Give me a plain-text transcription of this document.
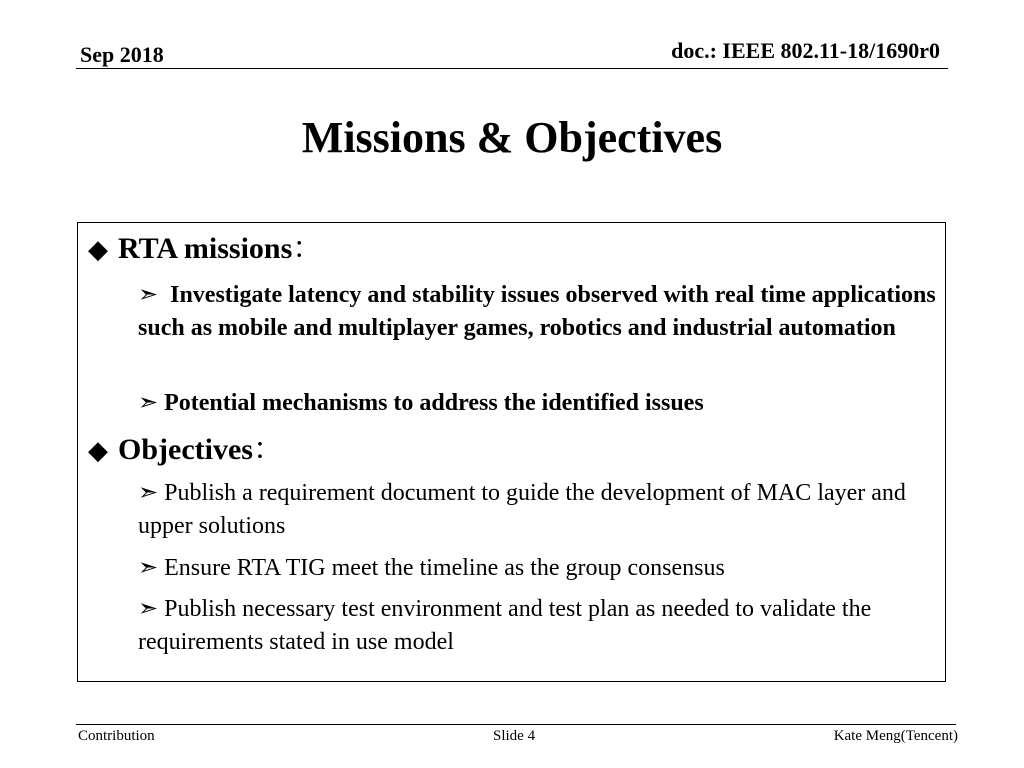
Sep 2018	doc.: IEEE 802.11-18/1690r0
Missions & Objectives
◆ RTA missions：
➣  Investigate latency and stability issues observed with real time applications such as mobile and multiplayer games, robotics and industrial automation
➣ Potential mechanisms to address the identified issues
◆ Objectives：
➣ Publish a requirement document to guide the development of MAC layer and upper solutions
➣ Ensure RTA TIG meet the timeline as the group consensus
➣ Publish necessary test environment and test plan as needed to validate the requirements stated in use model
Contribution	Slide 4	Kate Meng(Tencent)
